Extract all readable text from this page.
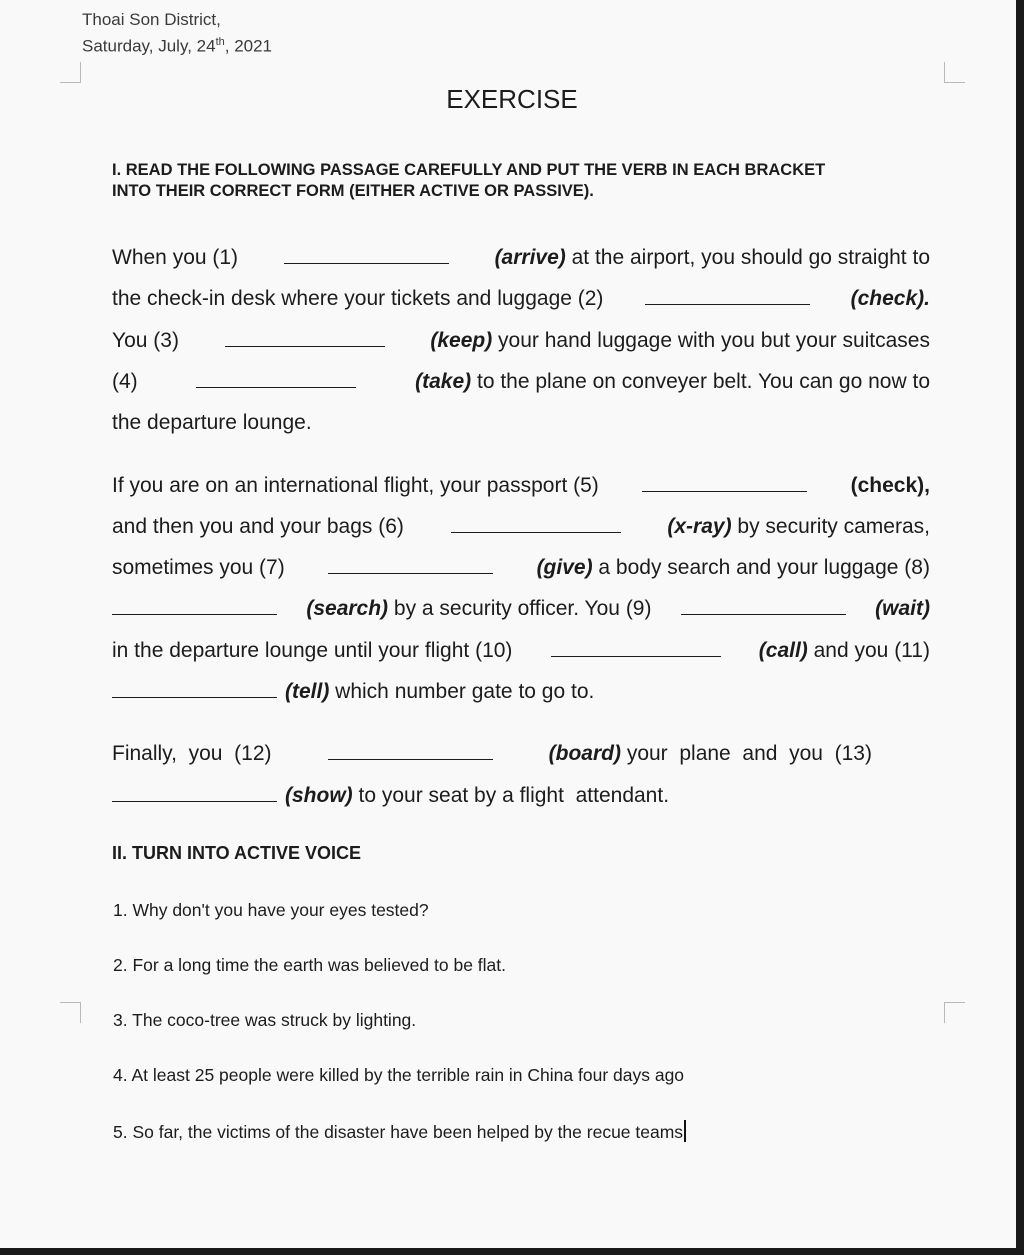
Thoai Son District,
Saturday, July, 24th, 2021
EXERCISE
I. READ THE FOLLOWING PASSAGE CAREFULLY AND PUT THE VERB IN EACH BRACKET
INTO THEIR CORRECT FORM (EITHER ACTIVE OR PASSIVE).
When you (1)	(arrive) at the airport, you should go straight to
the check-in desk where your tickets and luggage (2)	(check).
You (3)	(keep) your hand luggage with you but your suitcases
(4)	(take) to the plane on conveyer belt. You can go now to
the departure lounge.
If you are on an international flight, your passport (5)	(check),
and then you and your bags (6)	(x-ray) by security cameras,
sometimes you (7)	(give) a body search and your luggage (8)
(search) by a security officer. You (9)	(wait)
in the departure lounge until your flight (10)	(call) and you (11)
(tell) which number gate to go to.
Finally,  you  (12)	(board) your  plane  and  you  (13)
(show) to your seat by a flight  attendant.
II. TURN INTO ACTIVE VOICE
1. Why don't you have your eyes tested?
2. For a long time the earth was believed to be flat.
3. The coco-tree was struck by lighting.
4. At least 25 people were killed by the terrible rain in China four days ago
5. So far, the victims of the disaster have been helped by the recue teams
